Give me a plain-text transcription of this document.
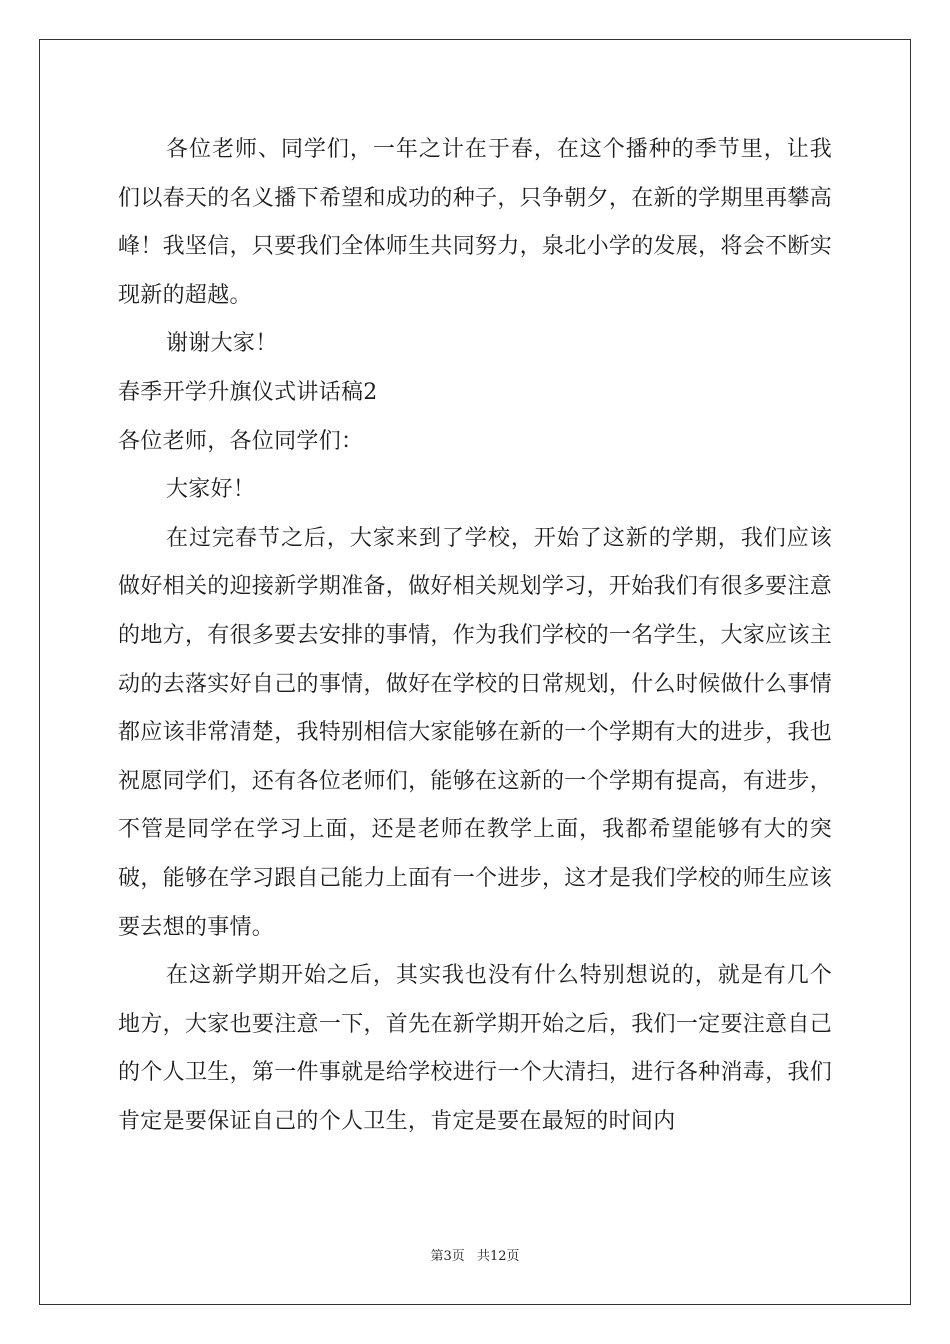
各位老师、同学们，一年之计在于春，在这个播种的季节里，让我们以春天的名义播下希望和成功的种子，只争朝夕，在新的学期里再攀高峰！我坚信，只要我们全体师生共同努力，泉北小学的发展，将会不断实现新的超越。

谢谢大家！

春季开学升旗仪式讲话稿2

各位老师，各位同学们：

大家好！

在过完春节之后，大家来到了学校，开始了这新的学期，我们应该做好相关的迎接新学期准备，做好相关规划学习，开始我们有很多要注意的地方，有很多要去安排的事情，作为我们学校的一名学生，大家应该主动的去落实好自己的事情，做好在学校的日常规划，什么时候做什么事情都应该非常清楚，我特别相信大家能够在新的一个学期有大的进步，我也祝愿同学们，还有各位老师们，能够在这新的一个学期有提高，有进步，不管是同学在学习上面，还是老师在教学上面，我都希望能够有大的突破，能够在学习跟自己能力上面有一个进步，这才是我们学校的师生应该要去想的事情。

在这新学期开始之后，其实我也没有什么特别想说的，就是有几个地方，大家也要注意一下，首先在新学期开始之后，我们一定要注意自己的个人卫生，第一件事就是给学校进行一个大清扫，进行各种消毒，我们肯定是要保证自己的个人卫生，肯定是要在最短的时间内

第3页 共12页
